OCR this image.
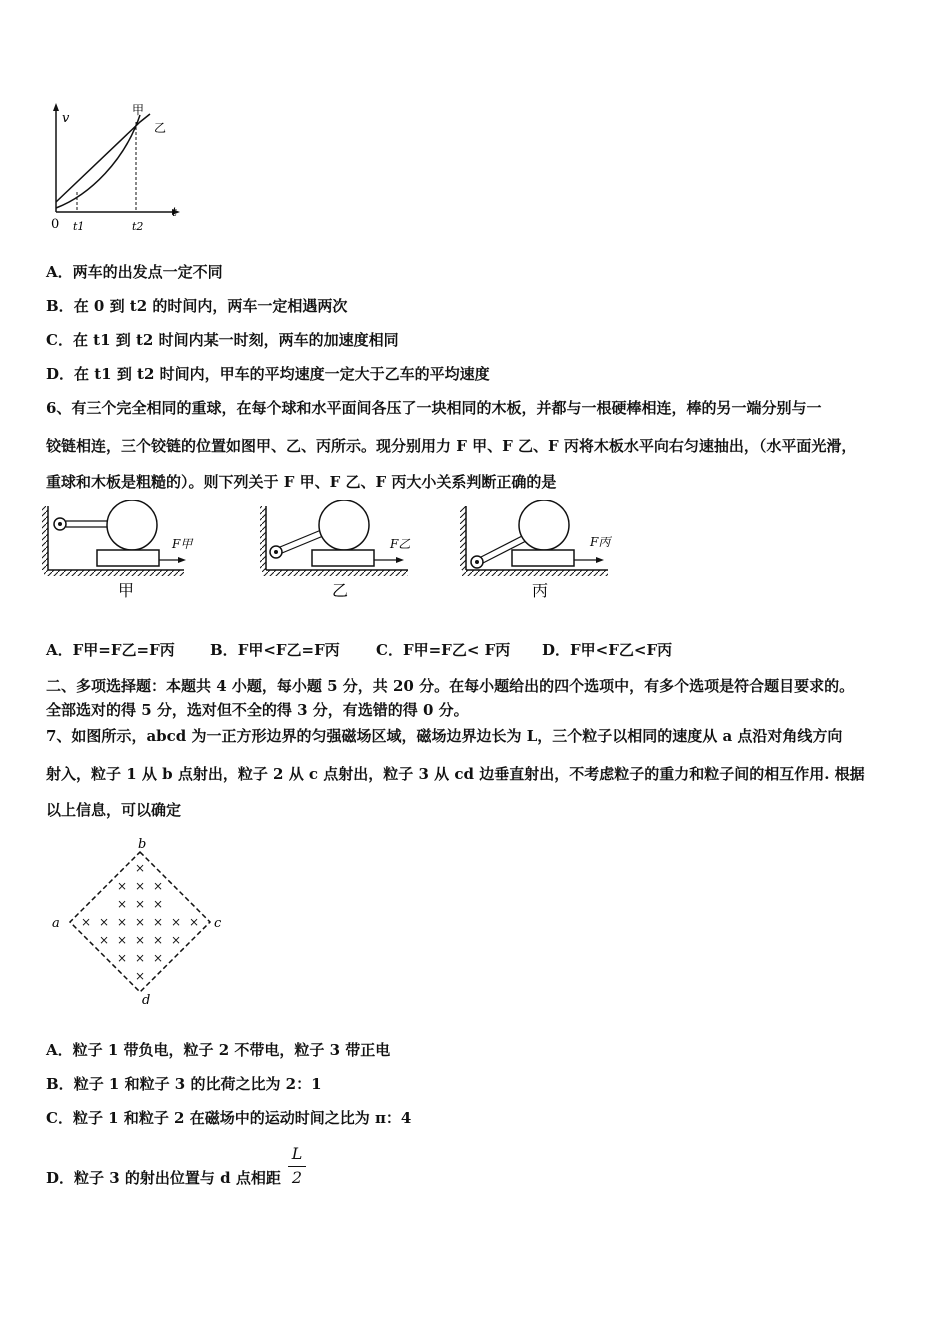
v
t
0 t1	t2
甲
乙
A．两车的出发点一定不同
B．在 0 到 t2 的时间内，两车一定相遇两次
C．在 t1 到 t2 时间内某一时刻，两车的加速度相同
D．在 t1 到 t2 时间内，甲车的平均速度一定大于乙车的平均速度
6、有三个完全相同的重球，在每个球和水平面间各压了一块相同的木板，并都与一根硬棒相连，棒的另一端分别与一
铰链相连，三个铰链的位置如图甲、乙、丙所示。现分别用力 F 甲、F 乙、F 丙将木板水平向右匀速抽出，（水平面光滑，
重球和木板是粗糙的）。则下列关于 F 甲、F 乙、F 丙大小关系判断正确的是
F甲
甲
F乙
乙
F丙
丙
A．F甲=F乙=F丙 B．F甲<F乙=F丙 C．F甲=F乙< F丙 D．F甲<F乙<F丙
二、多项选择题：本题共 4 小题，每小题 5 分，共 20 分。在每小题给出的四个选项中，有多个选项是符合题目要求的。
全部选对的得 5 分，选对但不全的得 3 分，有选错的得 0 分。
7、如图所示，abcd 为一正方形边界的匀强磁场区域，磁场边界边长为 L，三个粒子以相同的速度从 a 点沿对角线方向
射入，粒子 1 从 b 点射出，粒子 2 从 c 点射出，粒子 3 从 cd 边垂直射出，不考虑粒子的重力和粒子间的相互作用. 根据
以上信息，可以确定
×
× × ×
× × ×
× × × × × × ×
× × × × ×
× × ×
×
b
a	c
d
A．粒子 1 带负电，粒子 2 不带电，粒子 3 带正电
B．粒子 1 和粒子 3 的比荷之比为 2：1
C．粒子 1 和粒子 2 在磁场中的运动时间之比为 π：4
D．粒子 3 的射出位置与 d 点相距
L
2
